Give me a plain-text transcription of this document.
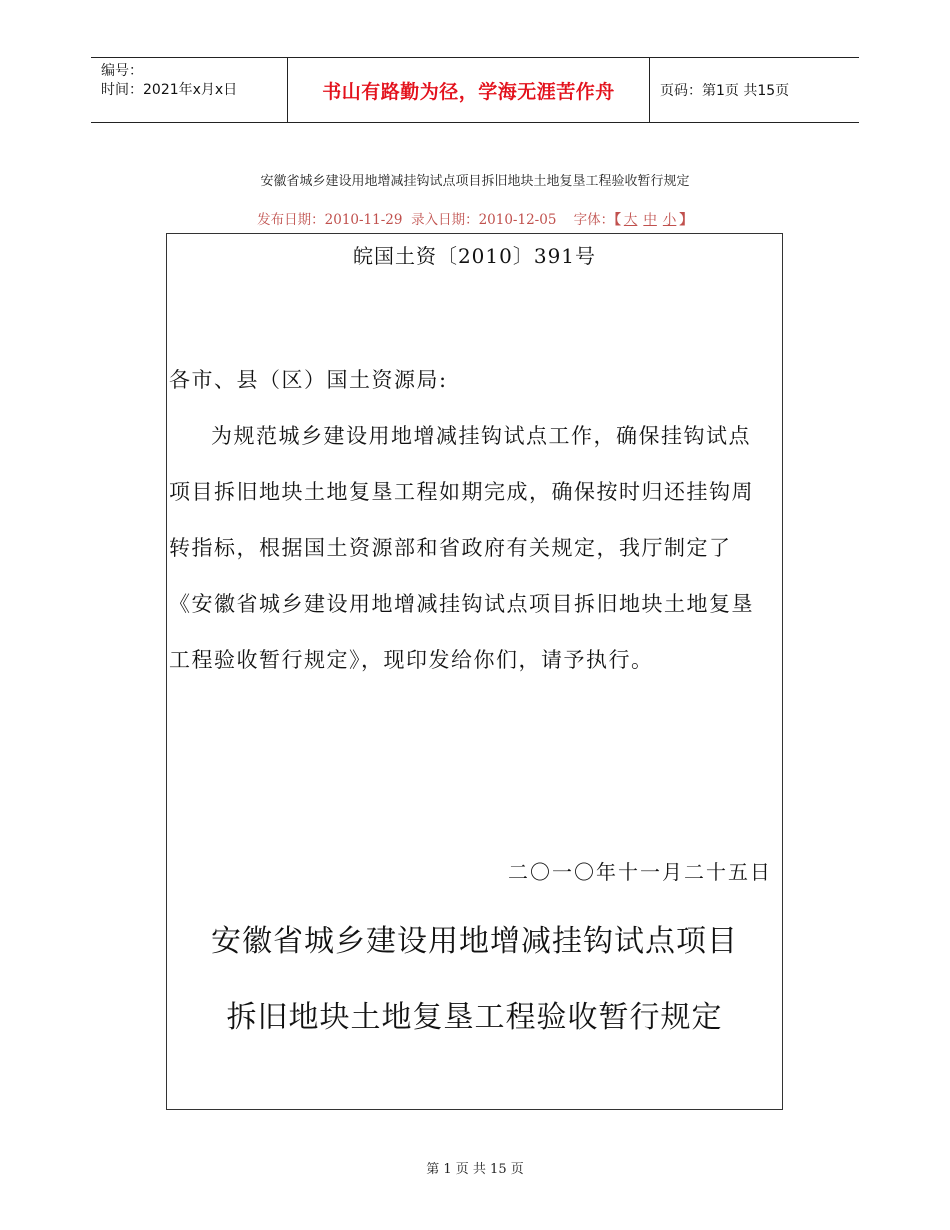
编号：
时间：2021年x月x日	书山有路勤为径，学海无涯苦作舟	页码：第1页 共15页
安徽省城乡建设用地增减挂钩试点项目拆旧地块土地复垦工程验收暂行规定
发布日期：2010-11-29 录入日期：2010-12-05 字体：【 大 中 小 】
皖国土资〔2010〕391号

各市、县（区）国土资源局:

为规范城乡建设用地增减挂钩试点工作，确保挂钩试点项目拆旧地块土地复垦工程如期完成，确保按时归还挂钩周转指标，根据国土资源部和省政府有关规定，我厅制定了《安徽省城乡建设用地增减挂钩试点项目拆旧地块土地复垦工程验收暂行规定》，现印发给你们，请予执行。

二〇一〇年十一月二十五日
安徽省城乡建设用地增减挂钩试点项目
拆旧地块土地复垦工程验收暂行规定
第 1 页 共 15 页
